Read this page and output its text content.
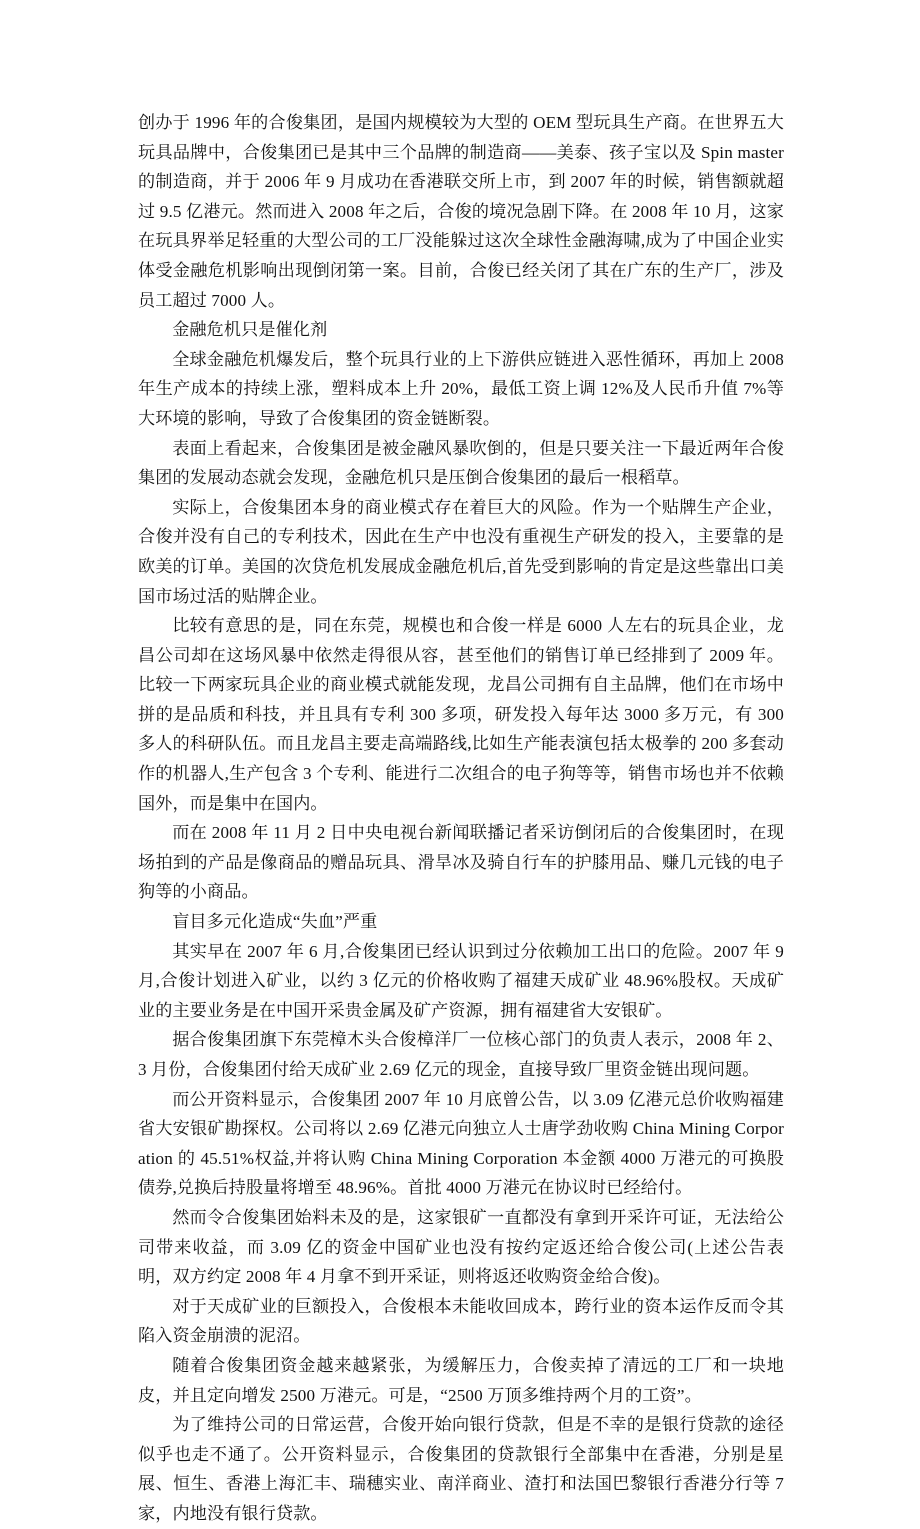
创办于 1996 年的合俊集团，是国内规模较为大型的 OEM 型玩具生产商。在世界五大玩具品牌中，合俊集团已是其中三个品牌的制造商——美泰、孩子宝以及 Spin master 的制造商，并于 2006 年 9 月成功在香港联交所上市，到 2007 年的时候，销售额就超过 9.5 亿港元。然而进入 2008 年之后，合俊的境况急剧下降。在 2008 年 10 月，这家在玩具界举足轻重的大型公司的工厂没能躲过这次全球性金融海啸,成为了中国企业实体受金融危机影响出现倒闭第一案。目前，合俊已经关闭了其在广东的生产厂，涉及员工超过 7000 人。

金融危机只是催化剂

全球金融危机爆发后，整个玩具行业的上下游供应链进入恶性循环，再加上 2008 年生产成本的持续上涨，塑料成本上升 20%，最低工资上调 12%及人民币升值 7%等大环境的影响，导致了合俊集团的资金链断裂。

表面上看起来，合俊集团是被金融风暴吹倒的，但是只要关注一下最近两年合俊集团的发展动态就会发现，金融危机只是压倒合俊集团的最后一根稻草。

实际上，合俊集团本身的商业模式存在着巨大的风险。作为一个贴牌生产企业，合俊并没有自己的专利技术，因此在生产中也没有重视生产研发的投入，主要靠的是欧美的订单。美国的次贷危机发展成金融危机后,首先受到影响的肯定是这些靠出口美国市场过活的贴牌企业。

比较有意思的是，同在东莞，规模也和合俊一样是 6000 人左右的玩具企业，龙昌公司却在这场风暴中依然走得很从容，甚至他们的销售订单已经排到了 2009 年。比较一下两家玩具企业的商业模式就能发现，龙昌公司拥有自主品牌，他们在市场中拼的是品质和科技，并且具有专利 300 多项，研发投入每年达 3000 多万元，有 300 多人的科研队伍。而且龙昌主要走高端路线,比如生产能表演包括太极拳的 200 多套动作的机器人,生产包含 3 个专利、能进行二次组合的电子狗等等，销售市场也并不依赖国外，而是集中在国内。

而在 2008 年 11 月 2 日中央电视台新闻联播记者采访倒闭后的合俊集团时，在现场拍到的产品是像商品的赠品玩具、滑旱冰及骑自行车的护膝用品、赚几元钱的电子狗等的小商品。

盲目多元化造成“失血”严重

其实早在 2007 年 6 月,合俊集团已经认识到过分依赖加工出口的危险。2007 年 9 月,合俊计划进入矿业，以约 3 亿元的价格收购了福建天成矿业 48.96%股权。天成矿业的主要业务是在中国开采贵金属及矿产资源，拥有福建省大安银矿。

据合俊集团旗下东莞樟木头合俊樟洋厂一位核心部门的负责人表示，2008 年 2、3 月份，合俊集团付给天成矿业 2.69 亿元的现金，直接导致厂里资金链出现问题。

而公开资料显示，合俊集团 2007 年 10 月底曾公告，以 3.09 亿港元总价收购福建省大安银矿勘探权。公司将以 2.69 亿港元向独立人士唐学劲收购 China Mining Corporation 的 45.51%权益,并将认购 China Mining Corporation 本金额 4000 万港元的可换股债券,兑换后持股量将增至 48.96%。首批 4000 万港元在协议时已经给付。

然而令合俊集团始料未及的是，这家银矿一直都没有拿到开采许可证，无法给公司带来收益，而 3.09 亿的资金中国矿业也没有按约定返还给合俊公司(上述公告表明，双方约定 2008 年 4 月拿不到开采证，则将返还收购资金给合俊)。

对于天成矿业的巨额投入，合俊根本未能收回成本，跨行业的资本运作反而令其陷入资金崩溃的泥沼。

随着合俊集团资金越来越紧张，为缓解压力，合俊卖掉了清远的工厂和一块地皮，并且定向增发 2500 万港元。可是，“2500 万顶多维持两个月的工资”。

为了维持公司的日常运营，合俊开始向银行贷款，但是不幸的是银行贷款的途径似乎也走不通了。公开资料显示，合俊集团的贷款银行全部集中在香港，分别是星展、恒生、香港上海汇丰、瑞穗实业、南洋商业、渣打和法国巴黎银行香港分行等 7 家，内地没有银行贷款。
